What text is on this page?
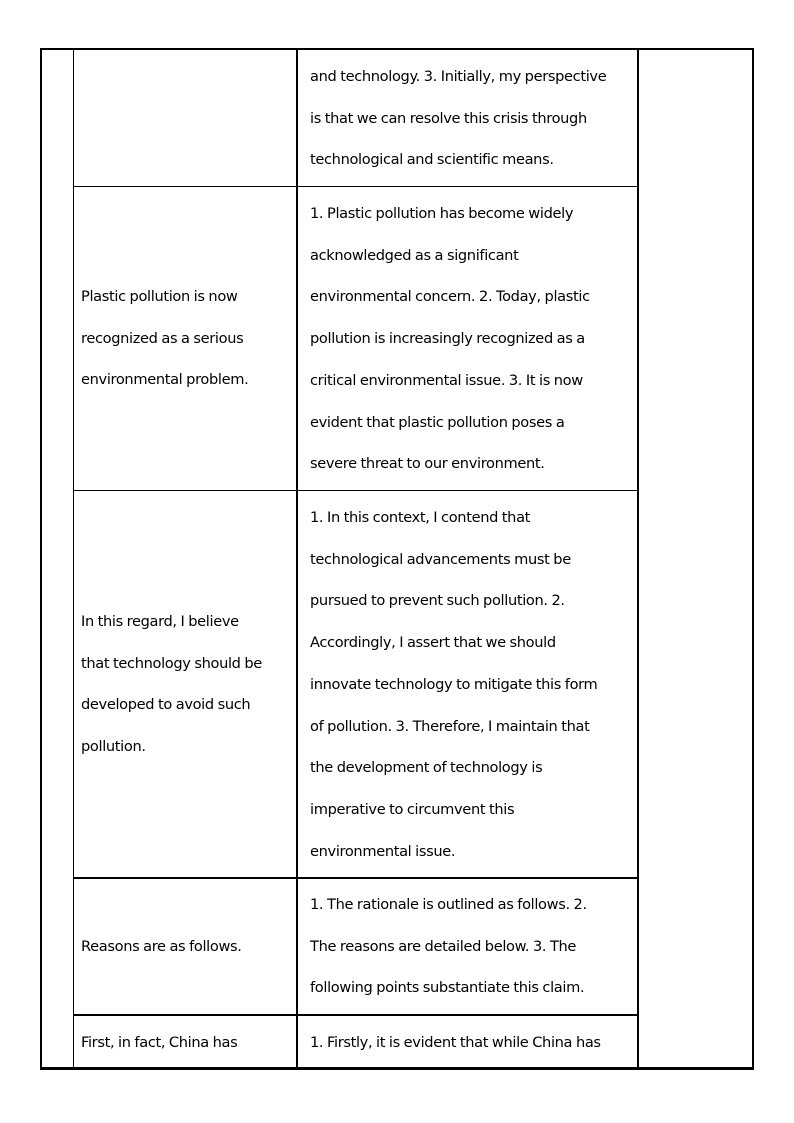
and technology. 3. Initially, my perspective
is that we can resolve this crisis through
technological and scientific means.
Plastic pollution is now
recognized as a serious
environmental problem.
1. Plastic pollution has become widely
acknowledged as a significant
environmental concern. 2. Today, plastic
pollution is increasingly recognized as a
critical environmental issue. 3. It is now
evident that plastic pollution poses a
severe threat to our environment.
In this regard, I believe
that technology should be
developed to avoid such
pollution.
1. In this context, I contend that
technological advancements must be
pursued to prevent such pollution. 2.
Accordingly, I assert that we should
innovate technology to mitigate this form
of pollution. 3. Therefore, I maintain that
the development of technology is
imperative to circumvent this
environmental issue.
Reasons are as follows.
1. The rationale is outlined as follows. 2.
The reasons are detailed below. 3. The
following points substantiate this claim.
First, in fact, China has	1. Firstly, it is evident that while China has
